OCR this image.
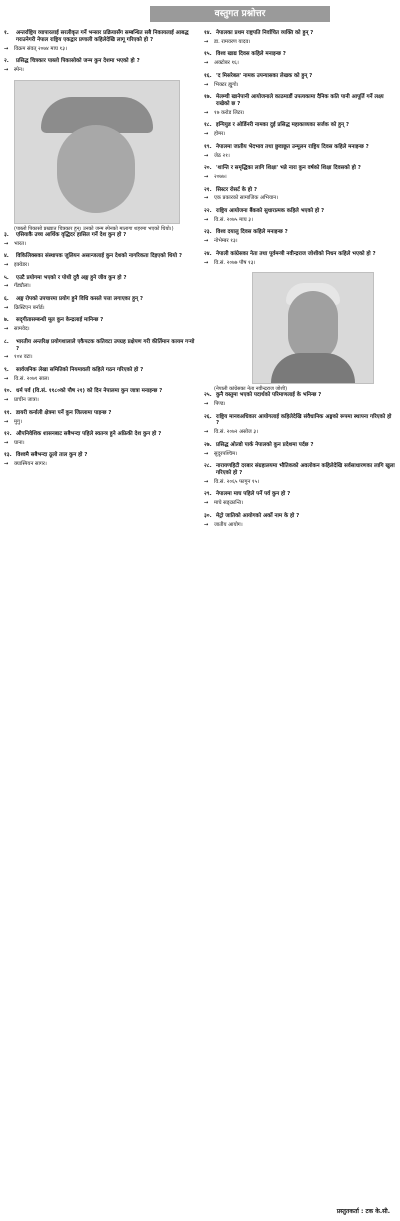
वस्तुगत प्रश्नोत्तर
१.	अन्तर्राष्ट्रिय व्यापारलाई सरलीकृत गर्ने भन्सार प्रक्रियासँग सम्बन्धित सबै निकायलाई आबद्ध गराउनेगरी नेपाल राष्ट्रिय एकद्वार प्रणाली कहिलेदेखि लागू गरिएको हो ?
→	विक्रम संवत् २०७४ माघ १३।
२.	प्रसिद्ध चित्रकार पाब्लो पिकासोको जन्म कुन देशमा भएको हो ?
→	स्पेन।
(पाब्लो पिकासो प्रख्यात चित्रकार हुन्। उनको जन्म स्पेनको मालागा शहरमा भएको थियो।)
३.	एसियाकै उच्च आर्थिक वृद्धिदर हासिल गर्ने देश कुन हो ?
→	भारत।
४.	विकिलिक्सका संस्थापक जुलियन असान्जलाई कुन देशको नागरिकता दिइएको थियो ?
→	इक्वेडर।
५.	एउटै प्रयोगमा भएको र पोथी दुवै अङ्ग हुने जीव कुन हो ?
→	गँड्यौला।
६.	अङ्ग रोपको उपचारमा प्रयोग हुने विधि कसले पत्ता लगाएका हुन् ?
→	क्रिस्टिएन बर्नार्ड।
७.	सदृगीतासम्बन्धी मूल कुन केन्द्रलाई मानिन्छ ?
→	सामवेद।
८.	भारतीय अन्तरिक्ष प्रयोगशालाले एकैपटक कतिवटा उपग्रह प्रक्षेपण गरी कीर्तिमान कायम गर्‍यो ?
→	१०४ वटा।
९.	सार्वजनिक लेखा समितिको नियमावली कहिले गठन गरिएको हो ?
→	वि.सं. २०७१ साल।
१०. धर्म पर्व (वि.सं. ११८०को पौष २१) को दिन नेपालमा कुन जात्रा मनाइन्छ ?
→	प्राचीन जात्रा।
११. डायरी कर्नाली क्षेत्रमा पर्ने कुन जिल्लामा पाइन्छ ?
→	मुगु।
१२. औपनिवेशिक शासनबाट सबैभन्दा पहिले स्वतन्त्र हुने अफ्रिकी देश कुन हो ?
→	घाना।
१३. विश्वमै सबैभन्दा ठूलो ताल कुन हो ?
→	क्यास्पियन सागर।
१४. नेपालका प्रथम राष्ट्रपति निर्वाचित व्यक्ति को हुन् ?
→	डा. रामवरण यादव।
१५. विश्व खाद्य दिवस कहिले मनाइन्छ ?
→	अक्टोबर १६।
१६. 'द मिसरेबल' नामक उपन्यासका लेखक को हुन् ?
→	भिक्टर ह्युगो।
१७. मेलम्ची खानेपानी आयोजनाले काठमाडौं उपत्यकामा दैनिक कति पानी आपूर्ति गर्ने लक्ष्य राखेको छ ?
→	१७ करोड लिटर।
१८. इन्पियुड र ओर्डिनरी नामका दुई प्रसिद्ध महाकाव्यका सर्जक को हुन् ?
→	होमर।
१९. नेपालमा जातीय भेदभाव तथा छुवाछूत उन्मूलन राष्ट्रिय दिवस कहिले मनाइन्छ ?
→	जेठ २१।
२०. 'शान्ति र समृद्धिका लागि शिक्षा' भन्ने नारा कुन वर्षको शिक्षा दिवसको हो ?
→	२०७७।
२१. सिस्टर रोसर्ट के हो ?
→	एक प्रकारको सामाजिक अभियान।
२२. राष्ट्रिय आयोजना बैंकको सुधारात्मक कहिले भएको हो ?
→	वि.सं. २०७५ माघ ३।
२३. विश्व दयालु दिवस कहिले मनाइन्छ ?
→	नोभेम्बर १३।
२४. नेपाली कांग्रेसका नेता तथा पूर्वमन्त्री नवीन्द्रराज जोशीको निधन कहिले भएको हो ?
→	वि.सं. २०७७ पौष १३।
(नेपाली कांग्रेसका नेता नवीन्द्रराज जोशी)
२५. कुनै वस्तुमा भएको पदार्थको परिमाणलाई के भनिन्छ ?
→	पिण्ड।
२६. राष्ट्रिय मानवअधिकार आयोगलाई कहिलेदेखि संवैधानिक अङ्गको रूपमा स्थापना गरिएको हो ?
→	वि.सं. २०७२ असोज ३।
२७. प्रसिद्ध ओल्डो पार्क नेपालको कुन प्रदेशमा पर्दछ ?
→	सुदूरपश्चिम।
२८. नारायणहिटी दरबार संग्रहालयमा भौतिकको अवलोकन कहिलेदेखि सर्वसाधारणका लागि खुला गरिएको हो ?
→	वि.सं. २०६५ फागुन १५।
२९. नेपालमा माघ पहिले पर्ने पर्व कुन हो ?
→	माघे सङ्क्रान्ति।
३०. मेट्रो जातिको आयोगको अर्को नाम के हो ?
→	जातीय आयोग।
प्रस्तुतकर्ता : टक के.सी.
